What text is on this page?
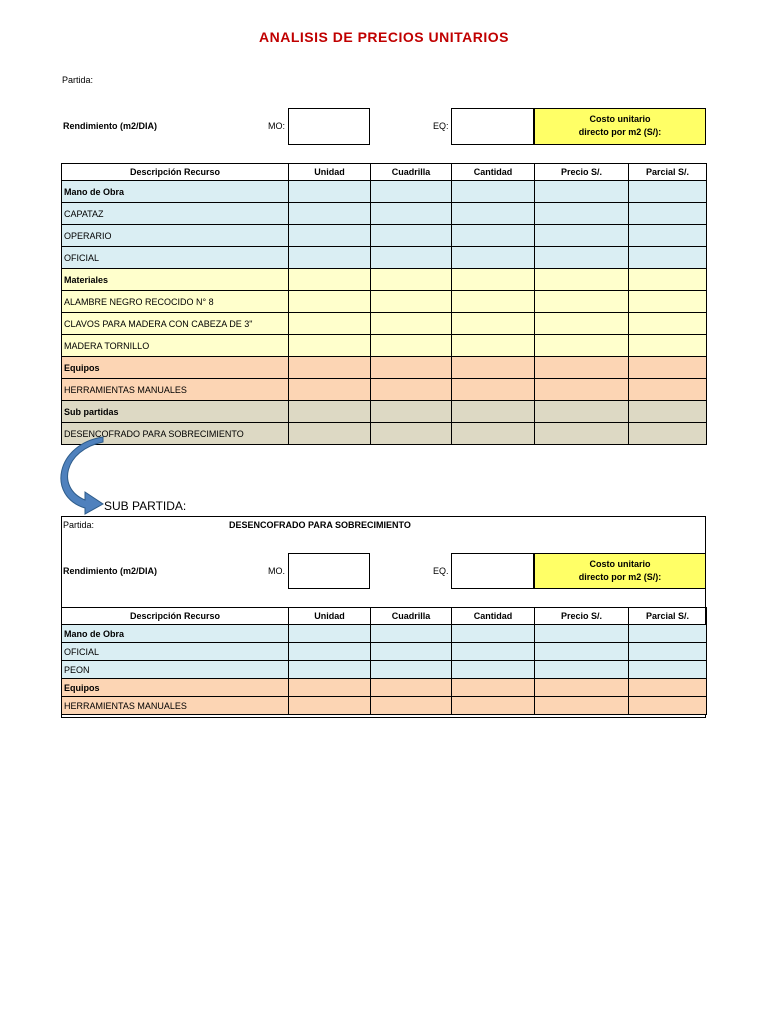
ANALISIS DE PRECIOS UNITARIOS
Partida:
Rendimiento (m2/DIA)	MO:	EQ:
Costo unitario
directo por m2 (S/):
Descripción Recurso	Unidad	Cuadrilla	Cantidad	Precio S/.	Parcial S/.
Mano de Obra					
CAPATAZ					
OPERARIO					
OFICIAL					
Materiales					
ALAMBRE NEGRO RECOCIDO N° 8					
CLAVOS PARA MADERA CON CABEZA DE 3"					
MADERA TORNILLO					
Equipos					
HERRAMIENTAS MANUALES					
Sub partidas					
DESENCOFRADO PARA SOBRECIMIENTO					
SUB PARTIDA:
Partida:	DESENCOFRADO PARA SOBRECIMIENTO
Rendimiento (m2/DIA)	MO.	EQ.
Costo unitario
directo por m2 (S/):
Descripción Recurso	Unidad	Cuadrilla	Cantidad	Precio S/.	Parcial S/.
Mano de Obra					
OFICIAL					
PEON					
Equipos					
HERRAMIENTAS MANUALES					
